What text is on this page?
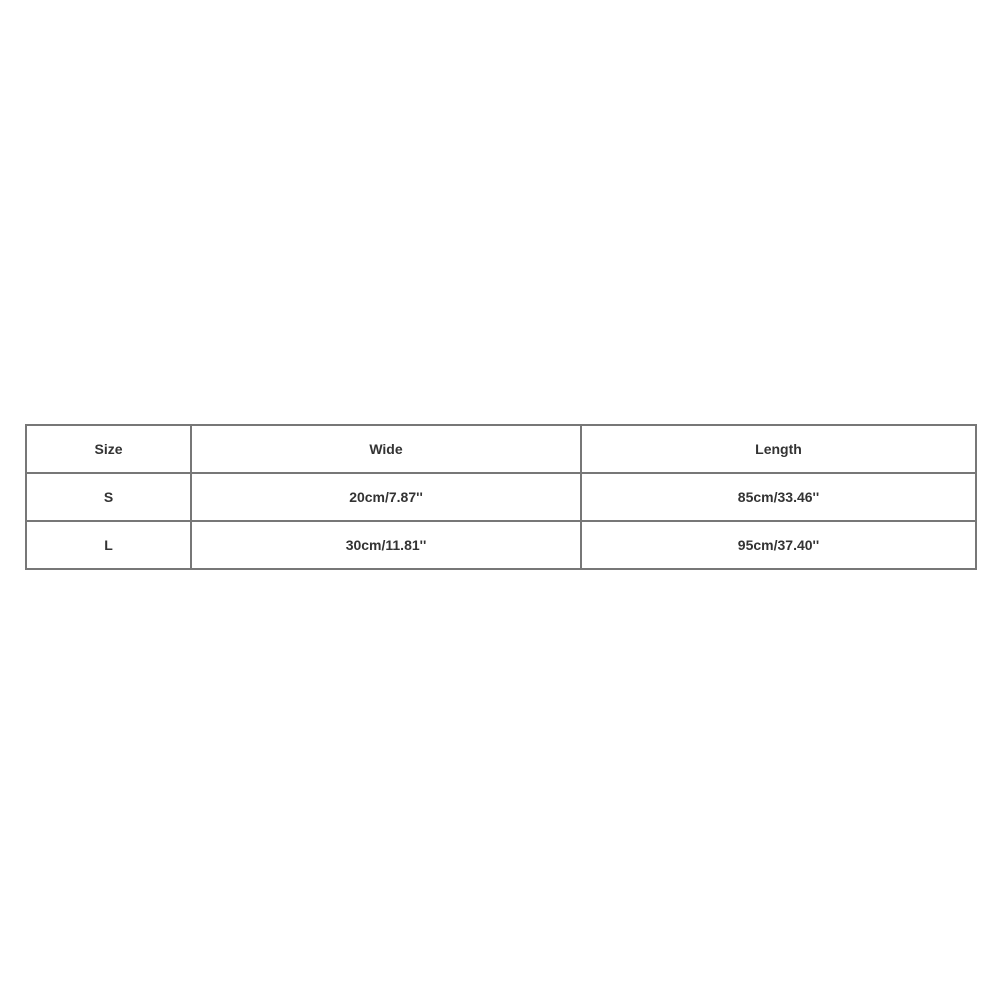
Size	Wide	Length
S	20cm/7.87''	85cm/33.46''
L	30cm/11.81''	95cm/37.40''
